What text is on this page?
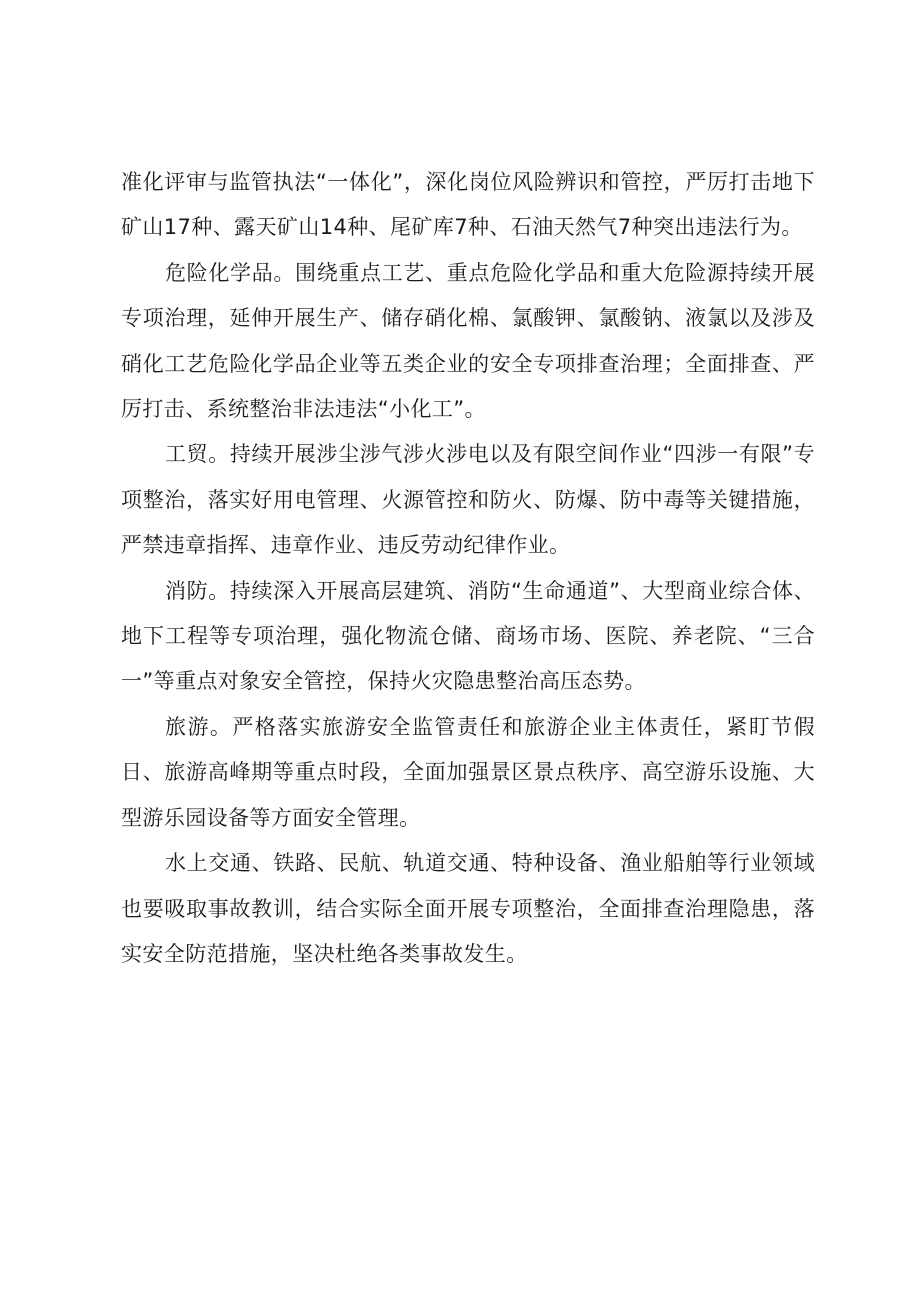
准化评审与监管执法“一体化”，深化岗位风险辨识和管控，严厉打击地下矿山17种、露天矿山14种、尾矿库7种、石油天然气7种突出违法行为。

危险化学品。围绕重点工艺、重点危险化学品和重大危险源持续开展专项治理，延伸开展生产、储存硝化棉、氯酸钾、氯酸钠、液氯以及涉及硝化工艺危险化学品企业等五类企业的安全专项排查治理；全面排查、严厉打击、系统整治非法违法“小化工”。

工贸。持续开展涉尘涉气涉火涉电以及有限空间作业“四涉一有限”专项整治，落实好用电管理、火源管控和防火、防爆、防中毒等关键措施，严禁违章指挥、违章作业、违反劳动纪律作业。

消防。持续深入开展高层建筑、消防“生命通道”、大型商业综合体、地下工程等专项治理，强化物流仓储、商场市场、医院、养老院、“三合一”等重点对象安全管控，保持火灾隐患整治高压态势。

旅游。严格落实旅游安全监管责任和旅游企业主体责任，紧盯节假日、旅游高峰期等重点时段，全面加强景区景点秩序、高空游乐设施、大型游乐园设备等方面安全管理。

水上交通、铁路、民航、轨道交通、特种设备、渔业船舶等行业领域也要吸取事故教训，结合实际全面开展专项整治，全面排查治理隐患，落实安全防范措施，坚决杜绝各类事故发生。
